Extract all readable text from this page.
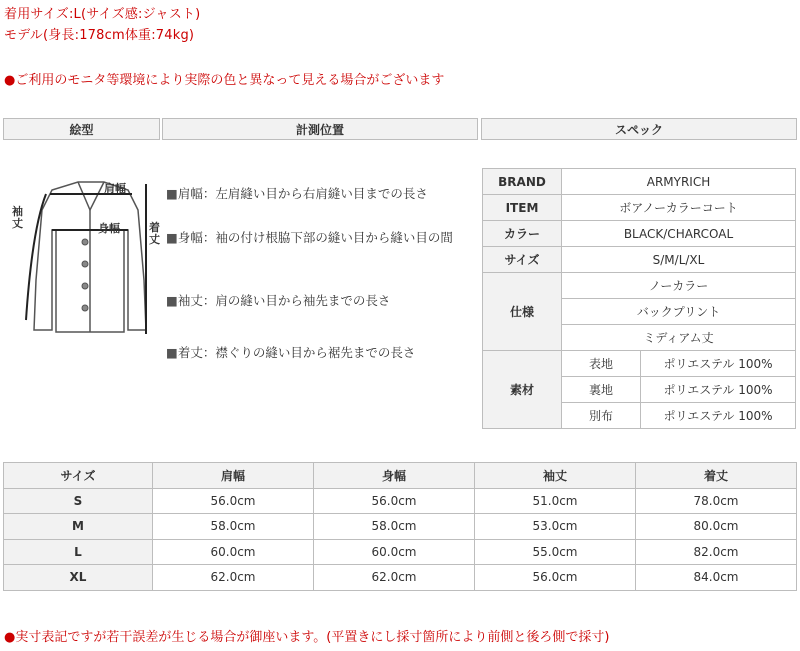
着用サイズ:L(サイズ感:ジャスト)
モデル(身長:178cm体重:74kg)
●ご利用のモニタ等環境により実際の色と異なって見える場合がございます
絵型	計測位置	スペック
肩幅
身幅
袖
丈	着
丈
■肩幅：左肩縫い目から右肩縫い目までの長さ
■身幅：袖の付け根脇下部の縫い目から縫い目の間
■袖丈：肩の縫い目から袖先までの長さ
■着丈：襟ぐりの縫い目から裾先までの長さ
BRAND	ARMYRICH	
ITEM	ボアノーカラーコート	
カラー	BLACK/CHARCOAL	
サイズ	S/M/L/XL	
仕様	ノーカラー	
	バックプリント	
	ミディアム丈	
素材	表地	ポリエステル 100%
	裏地	ポリエステル 100%
	別布	ポリエステル 100%
サイズ	肩幅	身幅	袖丈	着丈
S	56.0cm	56.0cm	51.0cm	78.0cm
M	58.0cm	58.0cm	53.0cm	80.0cm
L	60.0cm	60.0cm	55.0cm	82.0cm
XL	62.0cm	62.0cm	56.0cm	84.0cm
●実寸表記ですが若干誤差が生じる場合が御座います。(平置きにし採寸箇所により前側と後ろ側で採寸)
